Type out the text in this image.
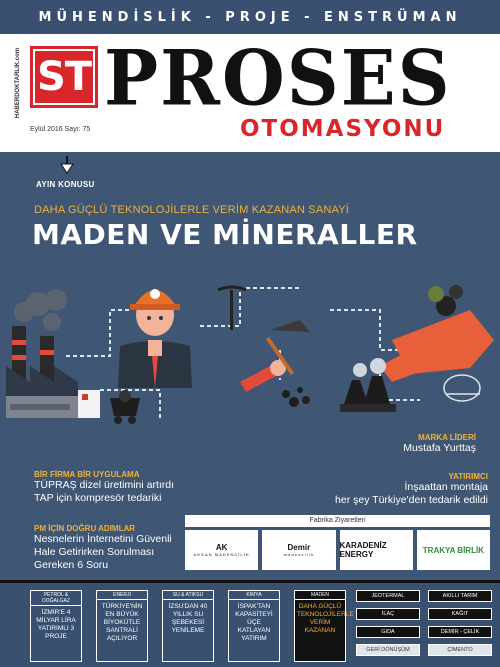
MÜHENDİSLİK - PROJE - ENSTRÜMAN
HABERDOKTARLIK.com ST PROSES
OTOMASYONU
Eylül 2016 Sayı: 75
AYIN KONUSU
DAHA GÜÇLÜ TEKNOLOJİLERLE VERİM KAZANAN SANAYİ
MADEN VE MİNERALLER
BİR FİRMA BİR UYGULAMA
TÜPRAŞ dizel üretimini artırdı
TAP için kompresör tedariki
PM İÇİN DOĞRU ADIMLAR
Nesnelerin İnternetini Güvenli
Hale Getirirken Sorulması
Gereken 6 Soru
MARKA LİDERİ
Mustafa Yurttaş
YATIRIMCI
İnşaattan montaja
her şey Türkiye'den tedarik edildi
Fabrika Ziyaretleri
AK
AKSAN MADENCİLİK
Demir
madencilik
KARADENİZ ENERGY	TRAKYA BİRLİK
PETROL & DOĞALGAZ
İZMİR'E 4 MİLYAR LİRA YATIRIMLI 3 PROJE
ENERJİ
TÜRKİYE'NİN EN BÜYÜK BİYOKÜTLE SANTRALİ AÇILIYOR
SU & ATIKSU
İZSU'DAN 40 YILLIK SU ŞEBEKESİ YENİLEME
KİMYA
İSPAK'TAN KAPASİTEYİ ÜÇE KATLAYAN YATIRIM
MADEN
DAHA GÜÇLÜ TEKNOLOJİLERLE VERİM KAZANAN
JEOTERMAL
İLAÇ
GIDA
GERİ DÖNÜŞÜM
AKILLI TARIM
KAĞIT
DEMİR - ÇELİK
ÇİMENTO
